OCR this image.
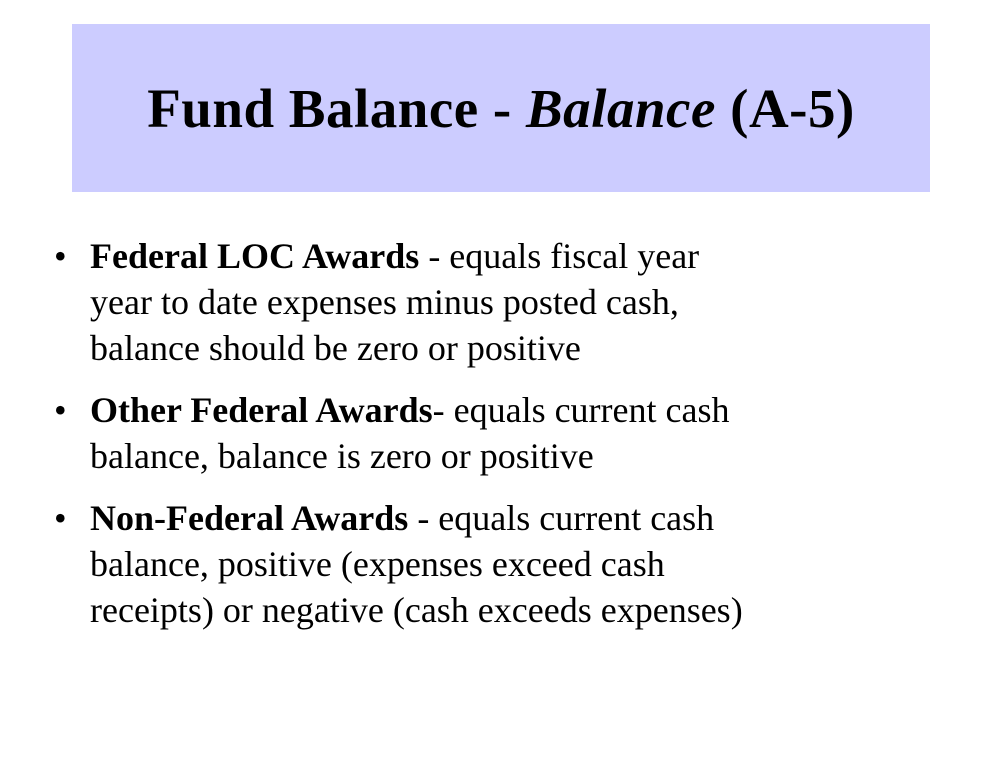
Fund Balance - Balance (A-5)
• Federal LOC Awards - equals fiscal year
year to date expenses minus posted cash,
balance should be zero or positive
• Other Federal Awards- equals current cash
balance, balance is zero or positive
• Non-Federal Awards - equals current cash
balance, positive (expenses exceed cash
receipts) or negative (cash exceeds expenses)
